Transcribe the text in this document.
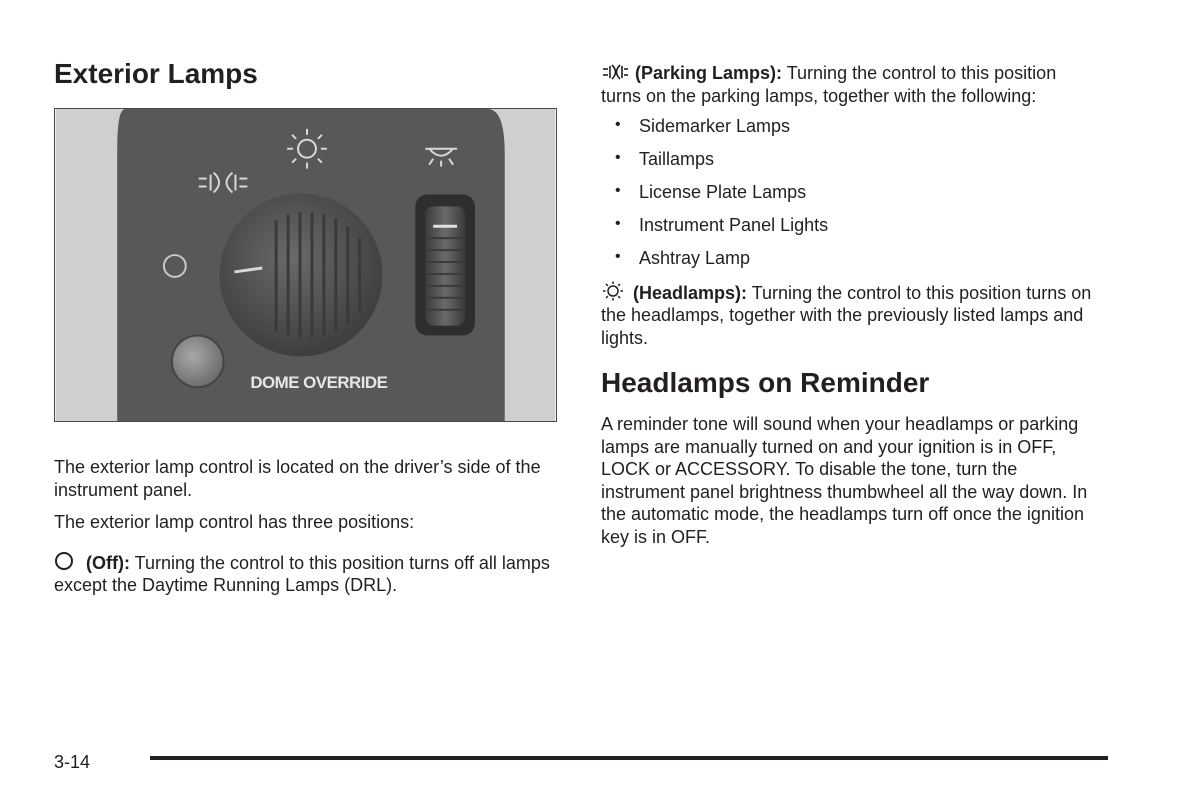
Exterior Lamps
DOME OVERRIDE

The exterior lamp control is located on the driver’s side of the instrument panel.

The exterior lamp control has three positions:

(Off): Turning the control to this position turns off all lamps except the Daytime Running Lamps (DRL).

(Parking Lamps): Turning the control to this position turns on the parking lamps, together with the following:

• Sidemarker Lamps
• Taillamps
• License Plate Lamps
• Instrument Panel Lights
• Ashtray Lamp

(Headlamps): Turning the control to this position turns on the headlamps, together with the previously listed lamps and lights.

Headlamps on Reminder

A reminder tone will sound when your headlamps or parking lamps are manually turned on and your ignition is in OFF, LOCK or ACCESSORY. To disable the tone, turn the instrument panel brightness thumbwheel all the way down. In the automatic mode, the headlamps turn off once the ignition key is in OFF.

3-14
